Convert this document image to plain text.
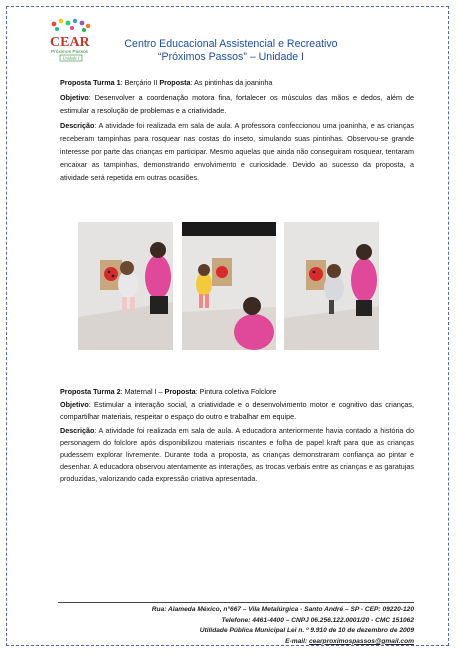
CEAR
Próximos Passos
Unidade I
Centro Educacional Assistencial e Recreativo
“Próximos Passos” – Unidade I

Proposta Turma 1: Berçário II Proposta: As pintinhas da joaninha

Objetivo: Desenvolver a coordenação motora fina, fortalecer os músculos das mãos e dedos, além de estimular a resolução de problemas e a criatividade.

Descrição: A atividade foi realizada em sala de aula. A professora confeccionou uma joaninha, e as crianças receberam tampinhas para rosquear nas costas do inseto, simulando suas pintinhas. Observou-se grande interesse por parte das crianças em participar. Mesmo aquelas que ainda não conseguiram rosquear, tentaram encaixar as tampinhas, demonstrando envolvimento e curiosidade. Devido ao sucesso da proposta, a atividade será repetida em outras ocasiões.

Proposta Turma 2: Maternal I – Proposta: Pintura coletiva Folclore

Objetivo: Estimular a interação social, a criatividade e o desenvolvimento motor e cognitivo das crianças, compartilhar materiais, respeitar o espaço do outro e trabalhar em equipe.

Descrição: A atividade foi realizada em sala de aula. A educadora anteriormente havia contado a história do personagem do folclore após disponibilizou materiais riscantes e folha de papel kraft para que as crianças pudessem explorar livremente. Durante toda a proposta, as crianças demonstraram confiança ao pintar e desenhar. A educadora observou atentamente as interações, as trocas verbais entre as crianças e as garatujas produzidas, valorizando cada expressão criativa apresentada.

Rua: Alameda México, n°667 – Vila Metalúrgica - Santo André – SP - CEP: 09220-120
Telefone: 4461-4400 – CNPJ 06.256.122.0001/20 - CMC 151062
Utilidade Pública Municipal Lei n. º 9.910 de 10 de dezembro de 2009
E-mail: cearproximospassos@gmail.com
